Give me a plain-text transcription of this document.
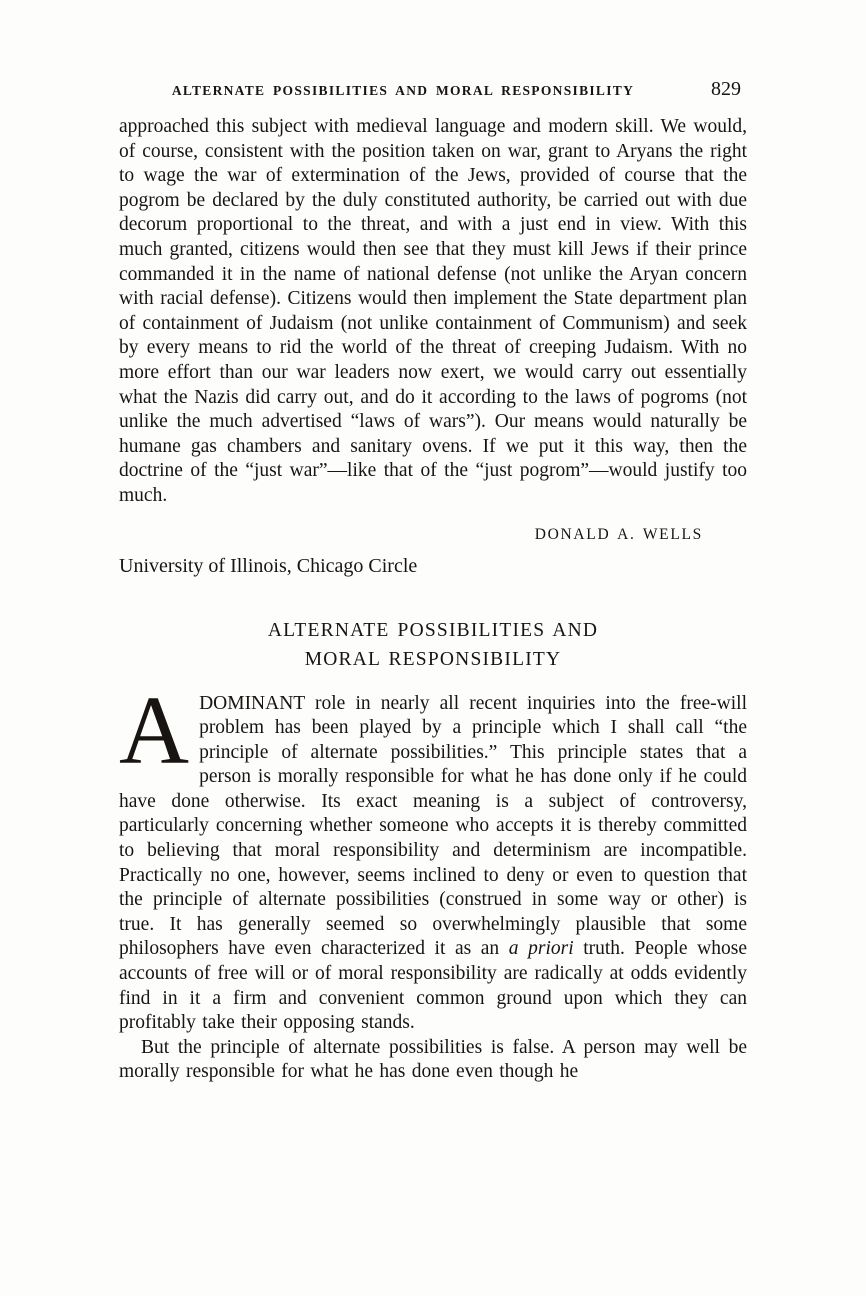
ALTERNATE POSSIBILITIES AND MORAL RESPONSIBILITY	829

approached this subject with medieval language and modern skill. We would, of course, consistent with the position taken on war, grant to Aryans the right to wage the war of extermination of the Jews, provided of course that the pogrom be declared by the duly constituted authority, be carried out with due decorum proportional to the threat, and with a just end in view. With this much granted, citizens would then see that they must kill Jews if their prince commanded it in the name of national defense (not unlike the Aryan concern with racial defense). Citizens would then implement the State department plan of containment of Judaism (not unlike containment of Communism) and seek by every means to rid the world of the threat of creeping Judaism. With no more effort than our war leaders now exert, we would carry out essentially what the Nazis did carry out, and do it according to the laws of pogroms (not unlike the much advertised “laws of wars”). Our means would naturally be humane gas chambers and sanitary ovens. If we put it this way, then the doctrine of the “just war”—like that of the “just pogrom”—would justify too much.

DONALD A. WELLS

University of Illinois, Chicago Circle

ALTERNATE POSSIBILITIES AND
MORAL RESPONSIBILITY

ADOMINANT role in nearly all recent inquiries into the free-will problem has been played by a principle which I shall call “the principle of alternate possibilities.” This principle states that a person is morally responsible for what he has done only if he could have done otherwise. Its exact meaning is a subject of controversy, particularly concerning whether someone who accepts it is thereby committed to believing that moral responsibility and determinism are incompatible. Practically no one, however, seems inclined to deny or even to question that the principle of alternate possibilities (construed in some way or other) is true. It has generally seemed so overwhelmingly plausible that some philosophers have even characterized it as an a priori truth. People whose accounts of free will or of moral responsibility are radically at odds evidently find in it a firm and convenient common ground upon which they can profitably take their opposing stands.

But the principle of alternate possibilities is false. A person may well be morally responsible for what he has done even though he
